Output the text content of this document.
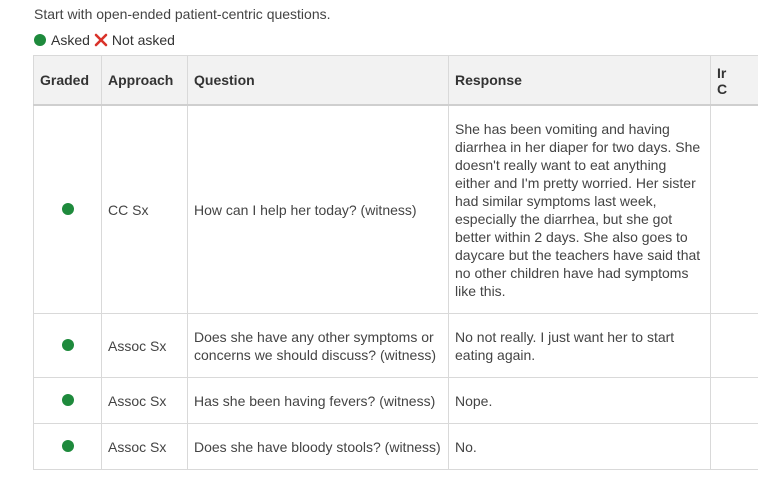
Start with open-ended patient-centric questions.
Asked Not asked
Graded	Approach	Question	Response	Ir
C

	CC Sx	How can I help her today? (witness)	She has been vomiting and having diarrhea in her diaper for two days. She doesn't really want to eat anything either and I'm pretty worried. Her sister had similar symptoms last week, especially the diarrhea, but she got better within 2 days. She also goes to daycare but the teachers have said that no other children have had symptoms like this.	
	Assoc Sx	Does she have any other symptoms or concerns we should discuss? (witness)	No not really. I just want her to start eating again.	
	Assoc Sx	Has she been having fevers? (witness)	Nope.	
	Assoc Sx	Does she have bloody stools? (witness)	No.	
